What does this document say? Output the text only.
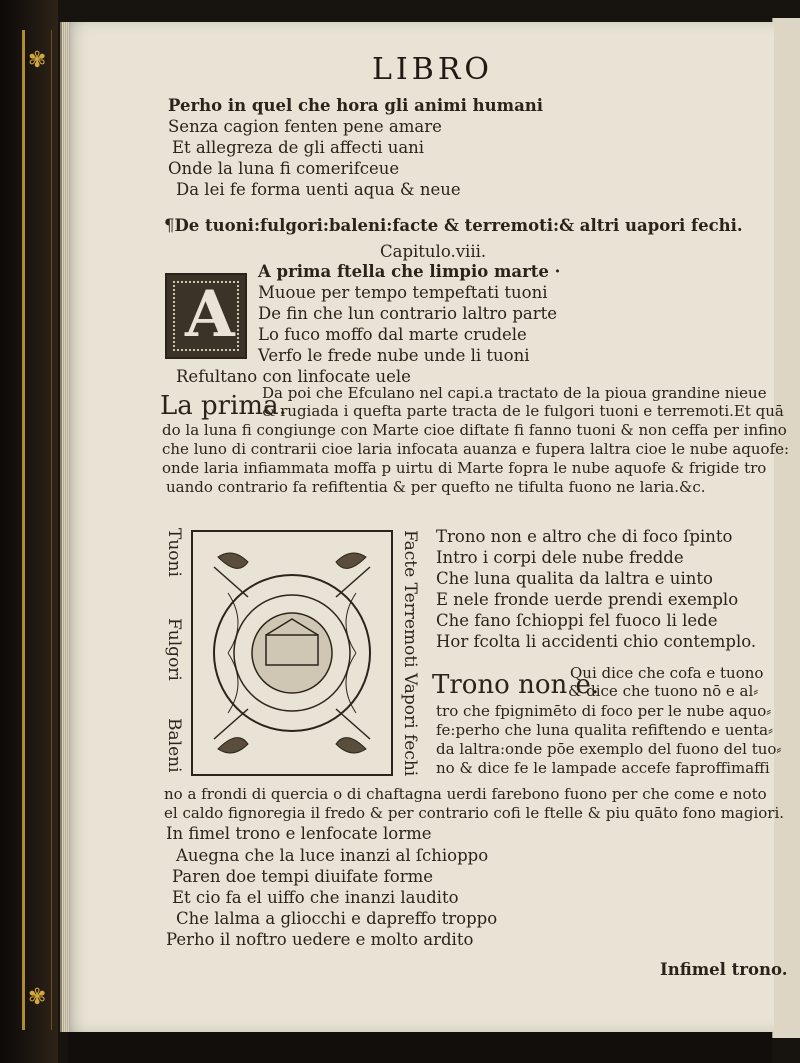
✾
✾
LIBRO
Perho in quel che hora gli animi humani
Senza cagion fenten pene amare
Et allegreza de gli affecti uani
Onde la luna fi comerifceue
Da lei fe forma uenti aqua & neue
¶De tuoni:fulgori:baleni:facte & terremoti:& altri uapori fechi.
Capitulo.viii.
A
A prima ftella che limpio marte ·
Muoue per tempo tempeftati tuoni
De fin che lun contrario laltro parte
Lo fuco moffo dal marte crudele
Verfo le frede nube unde li tuoni
Refultano con linfocate uele
Da poi che Efculano nel capi.a tractato de la pioua grandine nieue
La prima.
& rugiada i quefta parte tracta de le fulgori tuoni e terremoti.Et quā
do la luna fi congiunge con Marte cioe diftate fi fanno tuoni & non ceffa per infino
che luno di contrarii cioe laria infocata auanza e fupera laltra cioe le nube aquofe:
onde laria infiammata moffa p uirtu di Marte fopra le nube aquofe & frigide tro
uando contrario fa refiftentia & per quefto ne tifulta fuono ne laria.&c.
Tuoni
Fulgori
Baleni	Facte Terremoti Vapori fechi Trono non e altro che di foco ſpinto
Intro i corpi dele nube fredde
Che luna qualita da laltra e uinto
E nele fronde uerde prendi exemplo
Che fano ſchioppi fel fuoco li lede
Hor fcolta li accidenti chio contemplo.
Qui dice che cofa e tuono
Trono non e.
& dice che tuono nō e al⸗
tro che fpignimēto di foco per le nube aquo⸗
fe:perho che luna qualita refiftendo e uenta⸗
da laltra:onde pōe exemplo del fuono del tuo⸗
no & dice fe le lampade accefe faproffimaffi
no a frondi di quercia o di chaftagna uerdi farebono fuono per che come e noto
el caldo fignoregia il fredo & per contrario cofi le ftelle & piu quāto fono magiori.
In fimel trono e lenfocate lorme
Auegna che la luce inanzi al ſchioppo
Paren doe tempi diuifate forme
Et cio fa el uiffo che inanzi laudito
Che lalma a gliocchi e dapreffo troppo
Perho il noftro uedere e molto ardito
Infimel trono.
